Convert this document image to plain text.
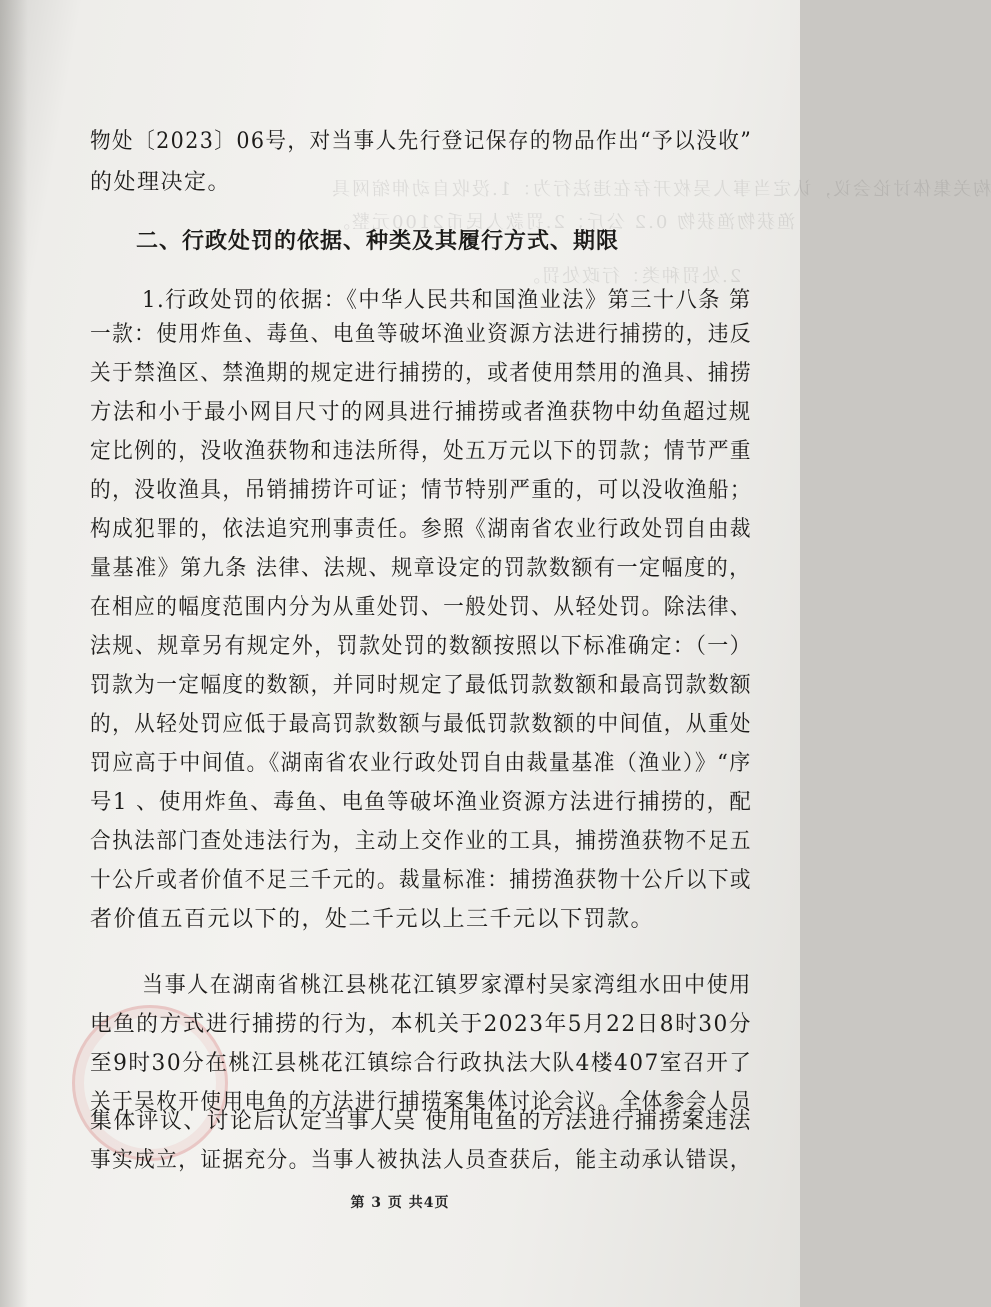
构关集体讨论会议，认定当事人吴枚开存在违法行为：1.没收自动伸缩网具
渔获物渔获物 0.2 公斤；2.罚款人民币2100元整。
2.处罚种类：行政处罚。
物处〔2023〕06号，对当事人先行登记保存的物品作出“予以没收”
的处理决定。
二、行政处罚的依据、种类及其履行方式、期限
1.行政处罚的依据：《中华人民共和国渔业法》第三十八条 第
一款：使用炸鱼、毒鱼、电鱼等破坏渔业资源方法进行捕捞的，违反
关于禁渔区、禁渔期的规定进行捕捞的，或者使用禁用的渔具、捕捞
方法和小于最小网目尺寸的网具进行捕捞或者渔获物中幼鱼超过规
定比例的，没收渔获物和违法所得，处五万元以下的罚款；情节严重
的，没收渔具，吊销捕捞许可证；情节特别严重的，可以没收渔船；
构成犯罪的，依法追究刑事责任。参照《湖南省农业行政处罚自由裁
量基准》第九条 法律、法规、规章设定的罚款数额有一定幅度的，
在相应的幅度范围内分为从重处罚、一般处罚、从轻处罚。除法律、
法规、规章另有规定外，罚款处罚的数额按照以下标准确定：（一）
罚款为一定幅度的数额，并同时规定了最低罚款数额和最高罚款数额
的，从轻处罚应低于最高罚款数额与最低罚款数额的中间值，从重处
罚应高于中间值。《湖南省农业行政处罚自由裁量基准（渔业）》“序
号1 、使用炸鱼、毒鱼、电鱼等破坏渔业资源方法进行捕捞的，配
合执法部门查处违法行为，主动上交作业的工具，捕捞渔获物不足五
十公斤或者价值不足三千元的。裁量标准：捕捞渔获物十公斤以下或
者价值五百元以下的，处二千元以上三千元以下罚款。
当事人在湖南省桃江县桃花江镇罗家潭村吴家湾组水田中使用
电鱼的方式进行捕捞的行为，本机关于2023年5月22日8时30分
至9时30分在桃江县桃花江镇综合行政执法大队4楼407室召开了
关于吴枚开使用电鱼的方法进行捕捞案集体讨论会议。全体参会人员
集体评议、讨论后认定当事人吴 使用电鱼的方法进行捕捞案违法
事实成立，证据充分。当事人被执法人员查获后，能主动承认错误，
第 3 页 共4页
